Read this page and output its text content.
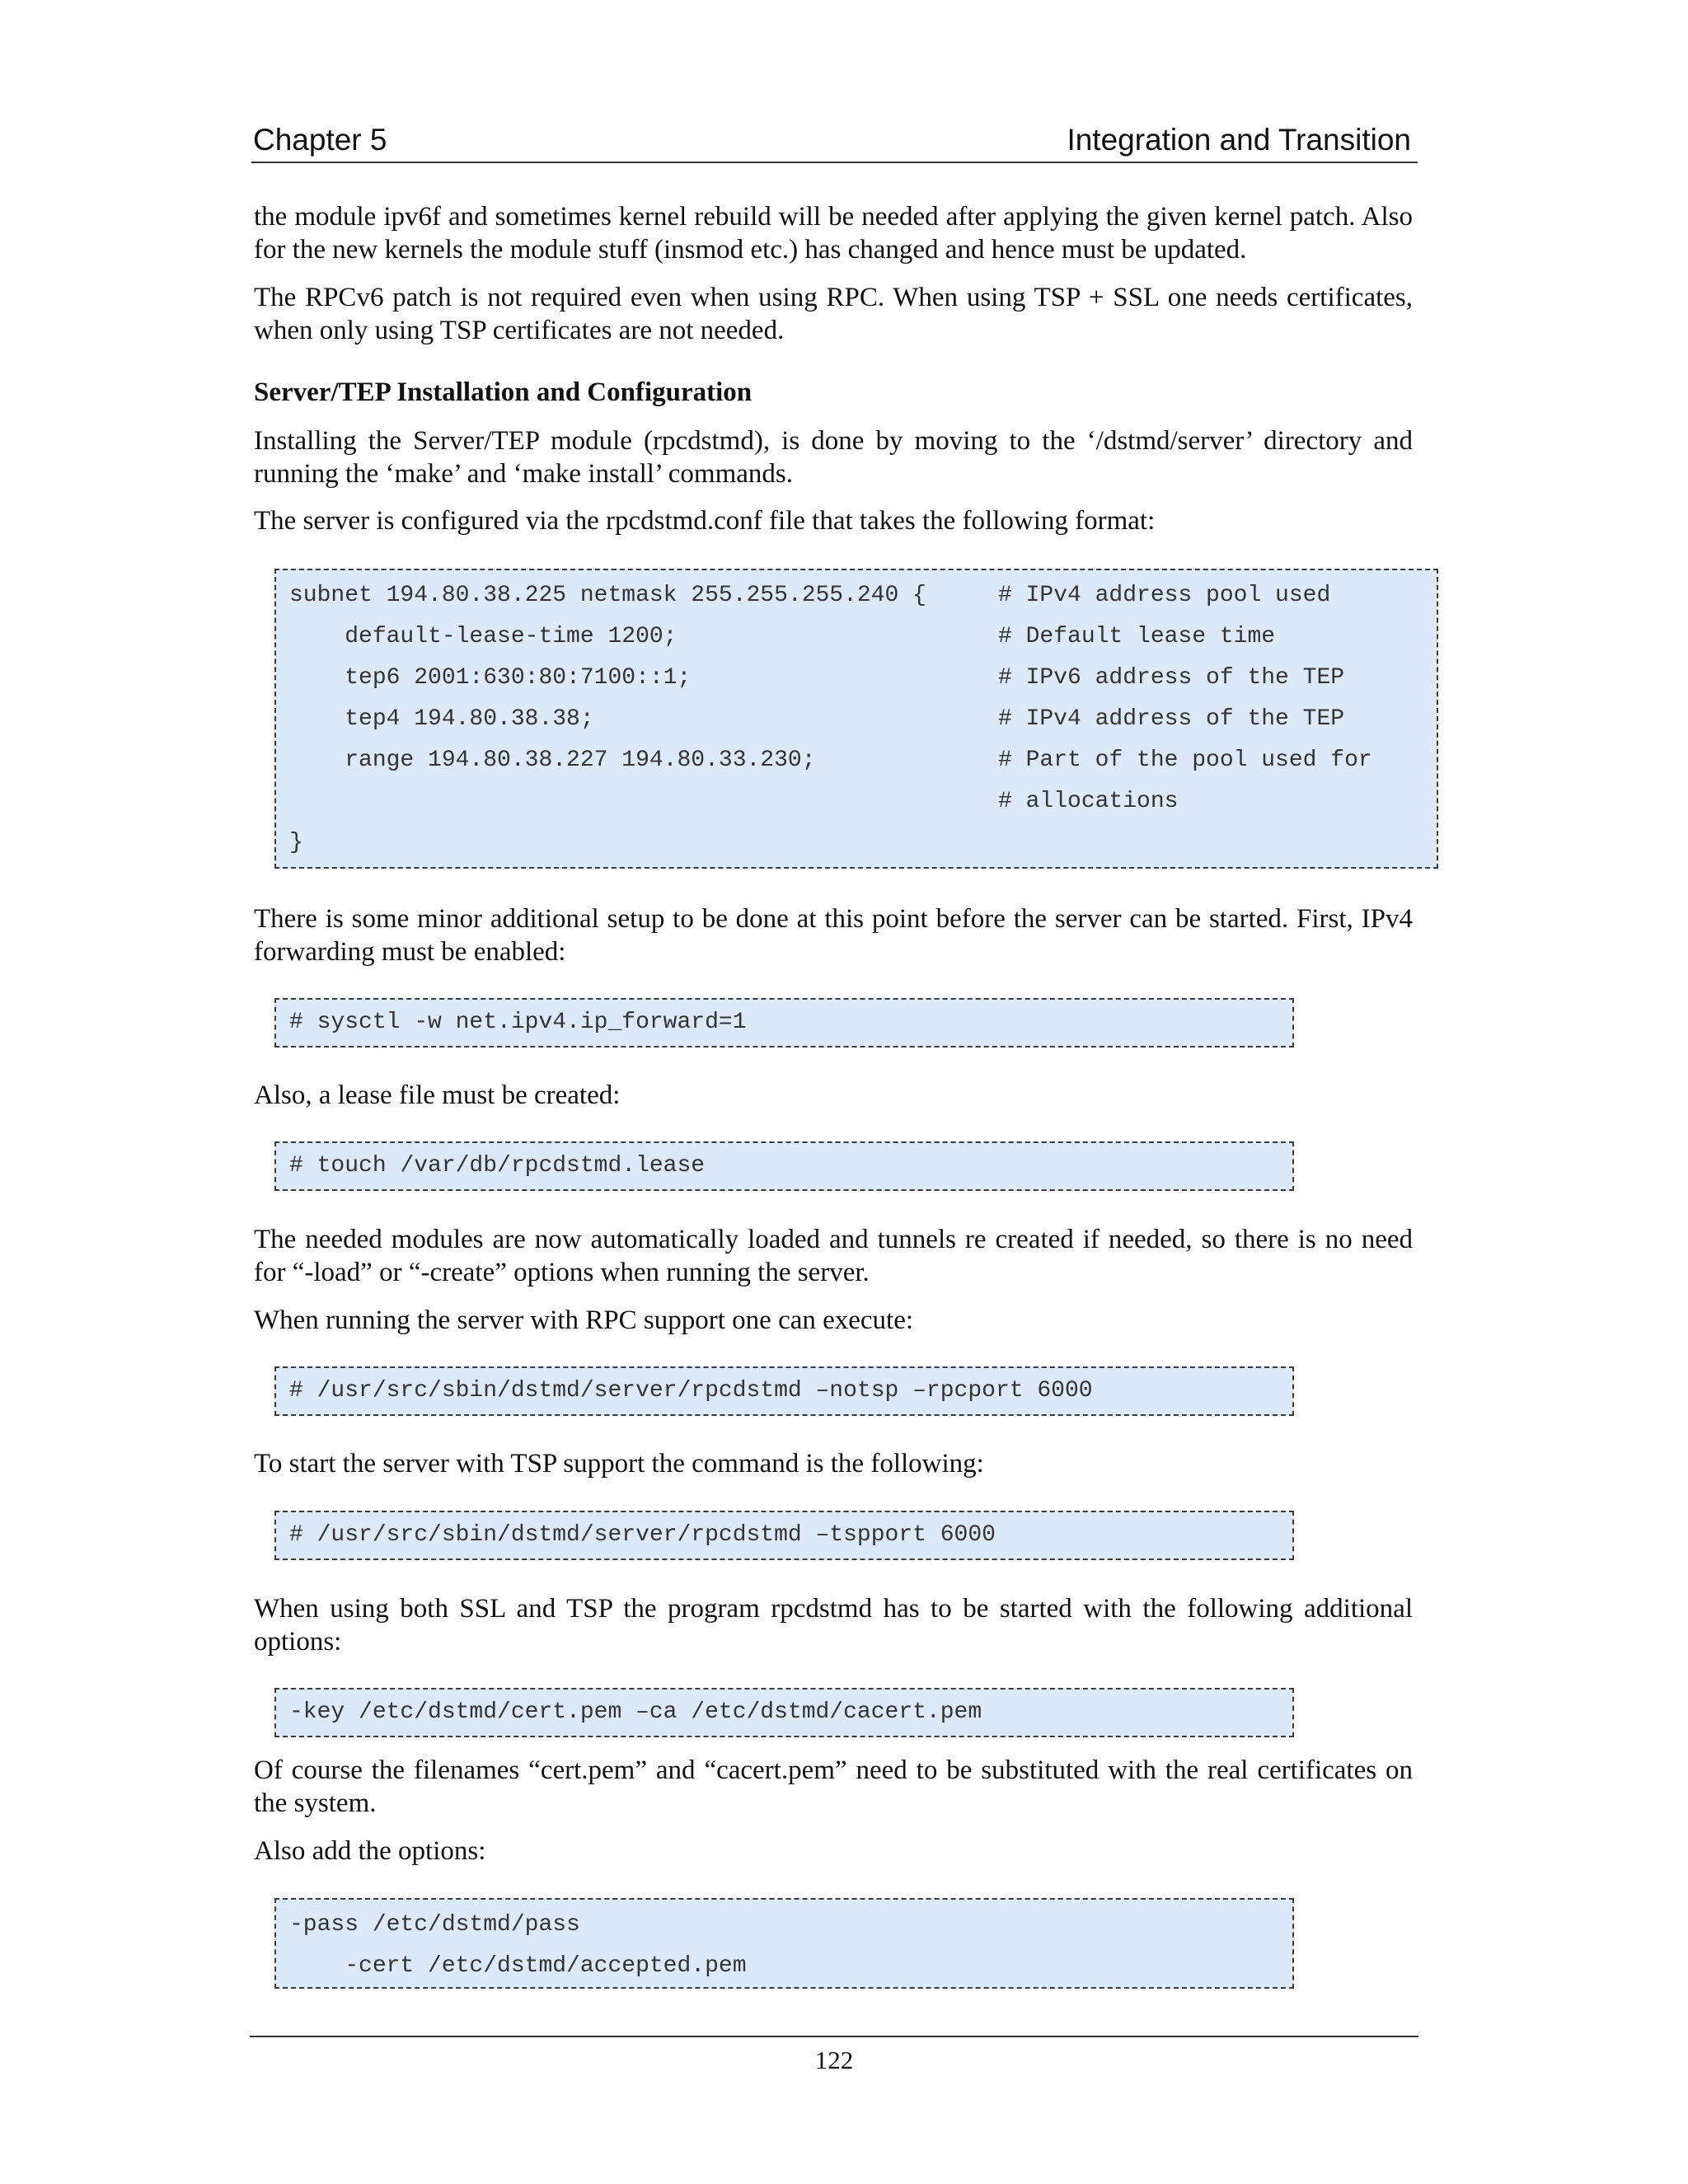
Chapter 5	Integration and Transition

the module ipv6f and sometimes kernel rebuild will be needed after applying the given kernel patch. Also for the new kernels the module stuff (insmod etc.) has changed and hence must be updated.

The RPCv6 patch is not required even when using RPC. When using TSP + SSL one needs certificates, when only using TSP certificates are not needed.

Server/TEP Installation and Configuration

Installing the Server/TEP module (rpcdstmd), is done by moving to the ‘/dstmd/server’ directory and running the ‘make’ and ‘make install’ commands.

The server is configured via the rpcdstmd.conf file that takes the following format:

subnet 194.80.38.225 netmask 255.255.255.240 {	# IPv4 address pool used
default-lease-time 1200;	# Default lease time
tep6 2001:630:80:7100::1;	# IPv6 address of the TEP
tep4 194.80.38.38;	# IPv4 address of the TEP
range 194.80.38.227 194.80.33.230;	# Part of the pool used for
# allocations
}

There is some minor additional setup to be done at this point before the server can be started. First, IPv4 forwarding must be enabled:

# sysctl -w net.ipv4.ip_forward=1

Also, a lease file must be created:

# touch /var/db/rpcdstmd.lease

The needed modules are now automatically loaded and tunnels re created if needed, so there is no need for “-load” or “-create” options when running the server.

When running the server with RPC support one can execute:

# /usr/src/sbin/dstmd/server/rpcdstmd –notsp –rpcport 6000

To start the server with TSP support the command is the following:

# /usr/src/sbin/dstmd/server/rpcdstmd –tspport 6000

When using both SSL and TSP the program rpcdstmd has to be started with the following additional options:

-key /etc/dstmd/cert.pem –ca /etc/dstmd/cacert.pem

Of course the filenames “cert.pem” and “cacert.pem” need to be substituted with the real certificates on the system.

Also add the options:

-pass /etc/dstmd/pass
-cert /etc/dstmd/accepted.pem
122
